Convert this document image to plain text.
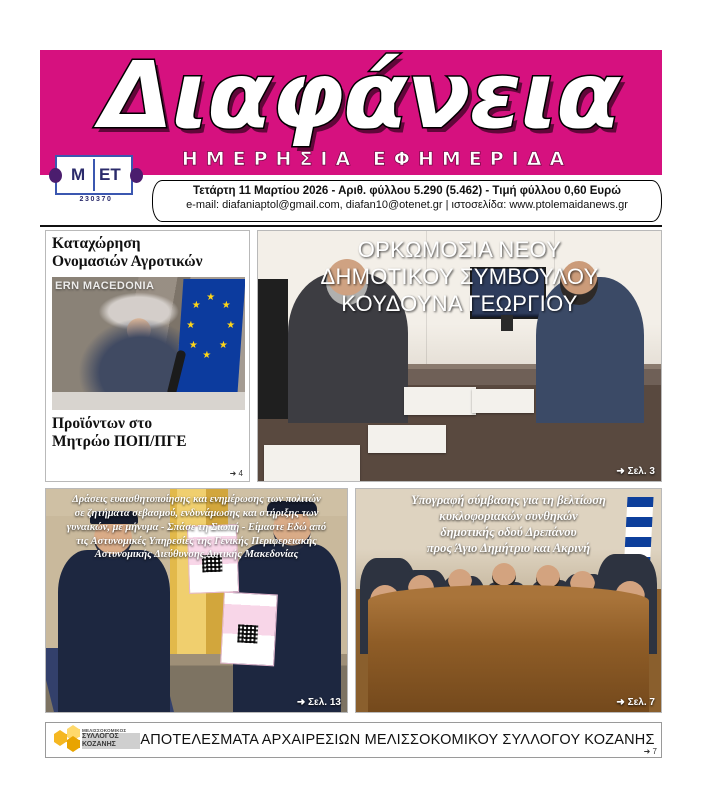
Διαφάνεια
ΗΜΕΡΗΣΙΑ ΕΦΗΜΕΡΙΔΑ
M ET
230370
Τετάρτη 11 Μαρτίου 2026 - Αριθ. φύλλου 5.290 (5.462) - Τιμή φύλλου 0,60 Ευρώ
e-mail: diafaniaptol@gmail.com, diafan10@otenet.gr | ιστοσελίδα: www.ptolemaidanews.gr
Καταχώρηση
Ονομασιών Αγροτικών
★
★
★
★
★
★
★
★
ERN MACEDONIA
Προϊόντων στο
Μητρώο ΠΟΠ/ΠΓΕ
➜ 4
ΟΡΚΩΜΟΣΙΑ ΝΕΟΥ
ΔΗΜΟΤΙΚΟΥ ΣΥΜΒΟΥΛΟΥ
ΚΟΥΔΟΥΝΑ ΓΕΩΡΓΙΟΥ
➜ Σελ. 3
Δράσεις ευαισθητοποίησης και ενημέρωσης των πολιτών
σε ζητήματα σεβασμού, ενδυνάμωσης και στήριξης των
γυναικών, με μήνυμα - Σπάσε τη Σιωπή - Είμαστε Εδώ από
τις Αστυνομικές Υπηρεσίες της Γενικής Περιφερειακής
Αστυνομικής Διεύθυνσης Δυτικής Μακεδονίας
➜ Σελ. 13
Υπογραφή σύμβασης για τη βελτίωση
κυκλοφοριακών συνθηκών
δημοτικής οδού Δρεπάνου
προς Άγιο Δημήτριο και Ακρινή
➜ Σελ. 7
ΜΕΛΙΣΣΟΚΟΜΙΚΟΣ
ΣΥΛΛΟΓΟΣ
ΚΟΖΑΝΗΣ	ΑΠΟΤΕΛΕΣΜΑΤΑ ΑΡΧΑΙΡΕΣΙΩΝ ΜΕΛΙΣΣΟΚΟΜΙΚΟΥ ΣΥΛΛΟΓΟΥ ΚΟΖΑΝΗΣ
➜ 7
